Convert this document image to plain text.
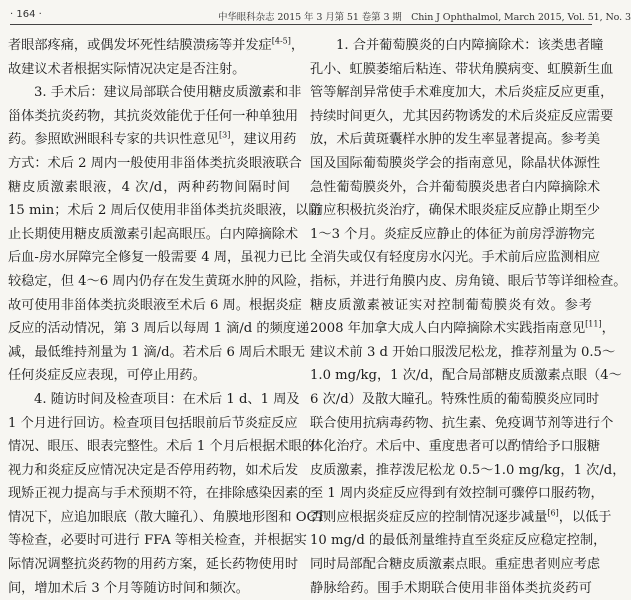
· 164 ·	中华眼科杂志 2015 年 3 月第 51 卷第 3 期　Chin J Ophthalmol, March 2015, Vol. 51, No. 3
者眼部疼痛，或偶发坏死性结膜溃疡等并发症[4-5]，
故建议术者根据实际情况决定是否注射。
3. 手术后：建议局部联合使用糖皮质激素和非
甾体类抗炎药物，其抗炎效能优于任何一种单独用
药。参照欧洲眼科专家的共识性意见[3]，建议用药
方式：术后 2 周内一般使用非甾体类抗炎眼液联合
糖皮质激素眼液，4 次/d，两种药物间隔时间
15 min；术后 2 周后仅使用非甾体类抗炎眼液，以防
止长期使用糖皮质激素引起高眼压。白内障摘除术
后血-房水屏障完全修复一般需要 4 周，虽视力已比
较稳定，但 4～6 周内仍存在发生黄斑水肿的风险，
故可使用非甾体类抗炎眼液至术后 6 周。根据炎症
反应的活动情况，第 3 周后以每周 1 滴/d 的频度递
减，最低维持剂量为 1 滴/d。若术后 6 周后术眼无
任何炎症反应表现，可停止用药。
4. 随访时间及检查项目：在术后 1 d、1 周及
1 个月进行回访。检查项目包括眼前后节炎症反应
情况、眼压、眼表完整性。术后 1 个月后根据术眼的
视力和炎症反应情况决定是否停用药物，如术后发
现矫正视力提高与手术预期不符，在排除感染因素的
情况下，应追加眼底（散大瞳孔）、角膜地形图和 OCT
等检查，必要时可进行 FFA 等相关检查，并根据实
际情况调整抗炎药物的用药方案，延长药物使用时
间，增加术后 3 个月等随访时间和频次。
1. 合并葡萄膜炎的白内障摘除术：该类患者瞳
孔小、虹膜萎缩后粘连、带状角膜病变、虹膜新生血
管等解剖异常使手术难度加大，术后炎症反应更重，
持续时间更久，尤其因药物诱发的术后炎症反应需要
放，术后黄斑囊样水肿的发生率显著提高。参考美
国及国际葡萄膜炎学会的指南意见，除晶状体源性
急性葡萄膜炎外，合并葡萄膜炎患者白内障摘除术
前应积极抗炎治疗，确保术眼炎症反应静止期至少
1～3 个月。炎症反应静止的体征为前房浮游物完
全消失或仅有轻度房水闪光。手术前后应监测相应
指标，并进行角膜内皮、房角镜、眼后节等详细检查。
糖皮质激素被证实对控制葡萄膜炎有效。参考
2008 年加拿大成人白内障摘除术实践指南意见[11]，
建议术前 3 d 开始口服泼尼松龙，推荐剂量为 0.5～
1.0 mg/kg，1 次/d，配合局部糖皮质激素点眼（4～
6 次/d）及散大瞳孔。特殊性质的葡萄膜炎应同时
联合使用抗病毒药物、抗生素、免疫调节剂等进行个
体化治疗。术后中、重度患者可以酌情给予口服糖
皮质激素，推荐泼尼松龙 0.5～1.0 mg/kg，1 次/d，
至 1 周内炎症反应得到有效控制可骤停口服药物，
否则应根据炎症反应的控制情况逐步减量[6]，以低于
10 mg/d 的最低剂量维持直至炎症反应稳定控制，
同时局部配合糖皮质激素点眼。重症患者则应考虑
静脉给药。围手术期联合使用非甾体类抗炎药可
